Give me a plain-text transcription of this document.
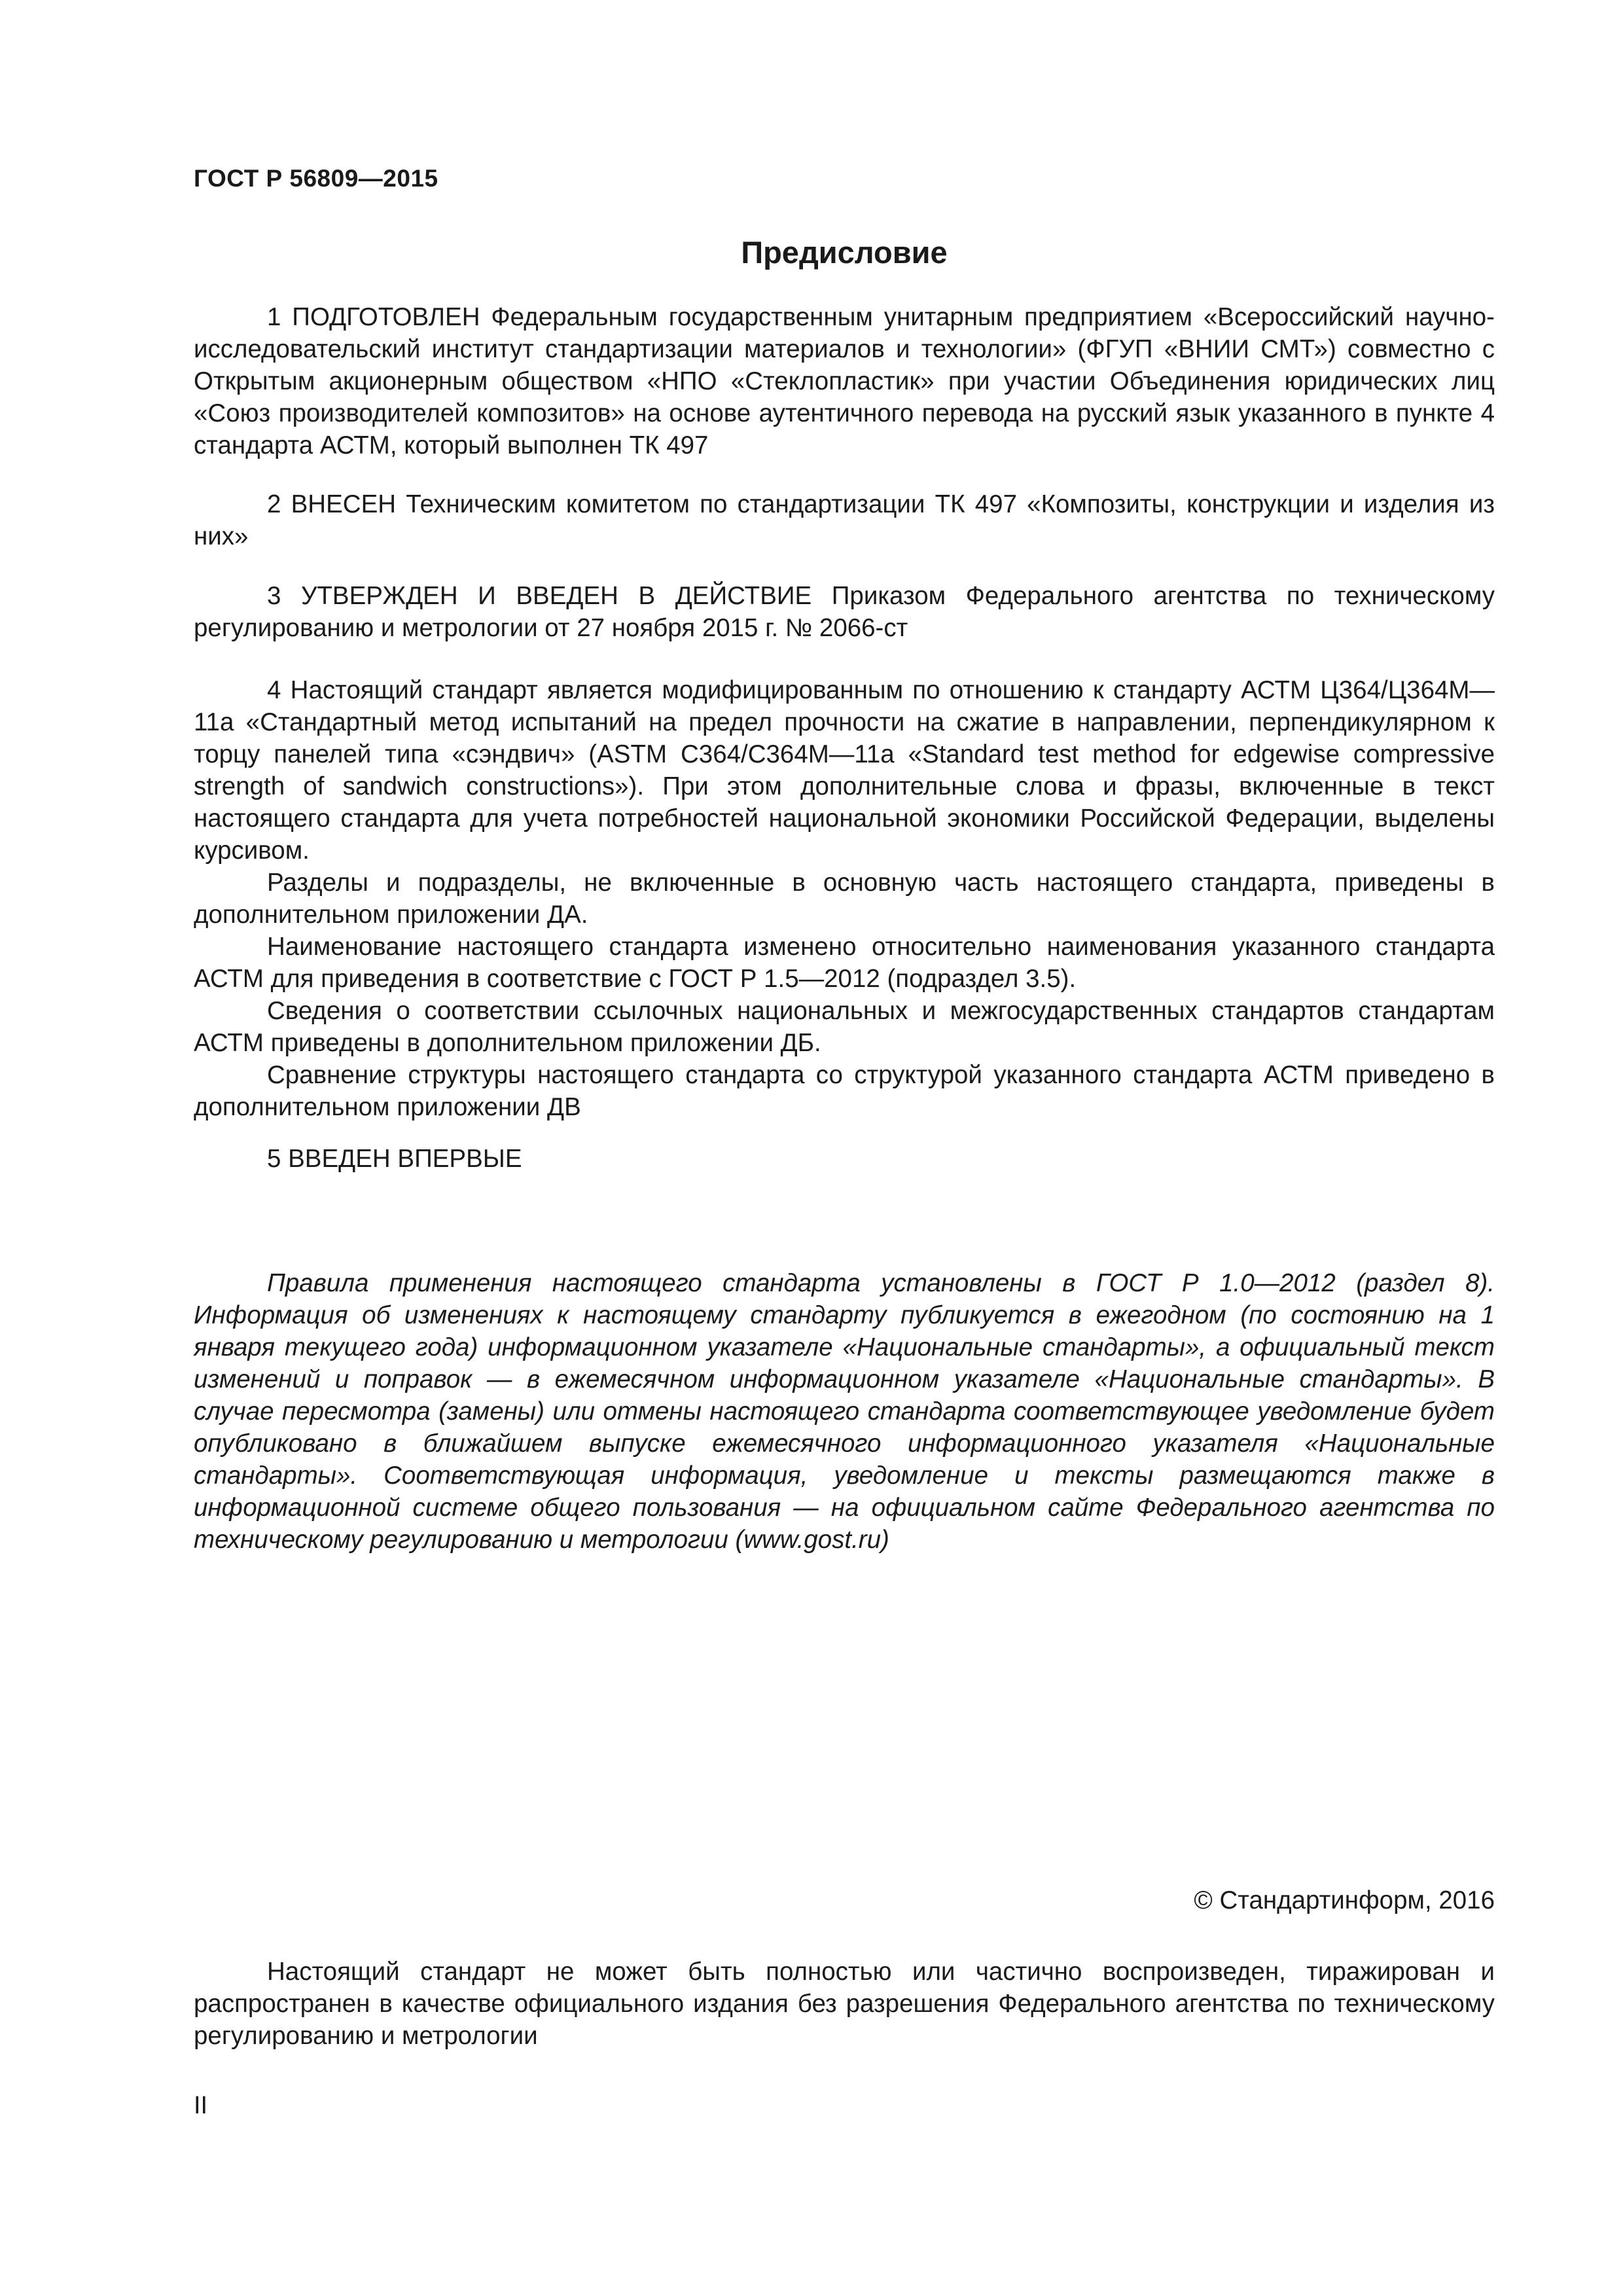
ГОСТ Р 56809—2015
Предисловие

1 ПОДГОТОВЛЕН Федеральным государственным унитарным предприятием «Всероссийский научно-исследовательский институт стандартизации материалов и технологии» (ФГУП «ВНИИ СМТ») совместно с Открытым акционерным обществом «НПО «Стеклопластик» при участии Объединения юридических лиц «Союз производителей композитов» на основе аутентичного перевода на русский язык указанного в пункте 4 стандарта АСТМ, который выполнен ТК 497

2 ВНЕСЕН Техническим комитетом по стандартизации ТК 497 «Композиты, конструкции и изделия из них»

3 УТВЕРЖДЕН И ВВЕДЕН В ДЕЙСТВИЕ Приказом Федерального агентства по техническому регулированию и метрологии от 27 ноября 2015 г. № 2066-ст

4 Настоящий стандарт является модифицированным по отношению к стандарту АСТМ Ц364/Ц364М—11а «Стандартный метод испытаний на предел прочности на сжатие в направлении, перпендикулярном к торцу панелей типа «сэндвич» (ASTM C364/C364M—11a «Standard test method for edgewise compressive strength of sandwich constructions»). При этом дополнительные слова и фразы, включенные в текст настоящего стандарта для учета потребностей национальной экономики Российской Федерации, выделены курсивом.

Разделы и подразделы, не включенные в основную часть настоящего стандарта, приведены в дополнительном приложении ДА.

Наименование настоящего стандарта изменено относительно наименования указанного стандарта АСТМ для приведения в соответствие с ГОСТ Р 1.5—2012 (подраздел 3.5).

Сведения о соответствии ссылочных национальных и межгосударственных стандартов стандартам АСТМ приведены в дополнительном приложении ДБ.

Сравнение структуры настоящего стандарта со структурой указанного стандарта АСТМ приведено в дополнительном приложении ДВ

5 ВВЕДЕН ВПЕРВЫЕ

Правила применения настоящего стандарта установлены в ГОСТ Р 1.0—2012 (раздел 8). Информация об изменениях к настоящему стандарту публикуется в ежегодном (по состоянию на 1 января текущего года) информационном указателе «Национальные стандарты», а официальный текст изменений и поправок — в ежемесячном информационном указателе «Национальные стандарты». В случае пересмотра (замены) или отмены настоящего стандарта соответствующее уведомление будет опубликовано в ближайшем выпуске ежемесячного информационного указателя «Национальные стандарты». Соответствующая информация, уведомление и тексты размещаются также в информационной системе общего пользования — на официальном сайте Федерального агентства по техническому регулированию и метрологии (www.gost.ru)

© Стандартинформ, 2016

Настоящий стандарт не может быть полностью или частично воспроизведен, тиражирован и распространен в качестве официального издания без разрешения Федерального агентства по техническому регулированию и метрологии

II
